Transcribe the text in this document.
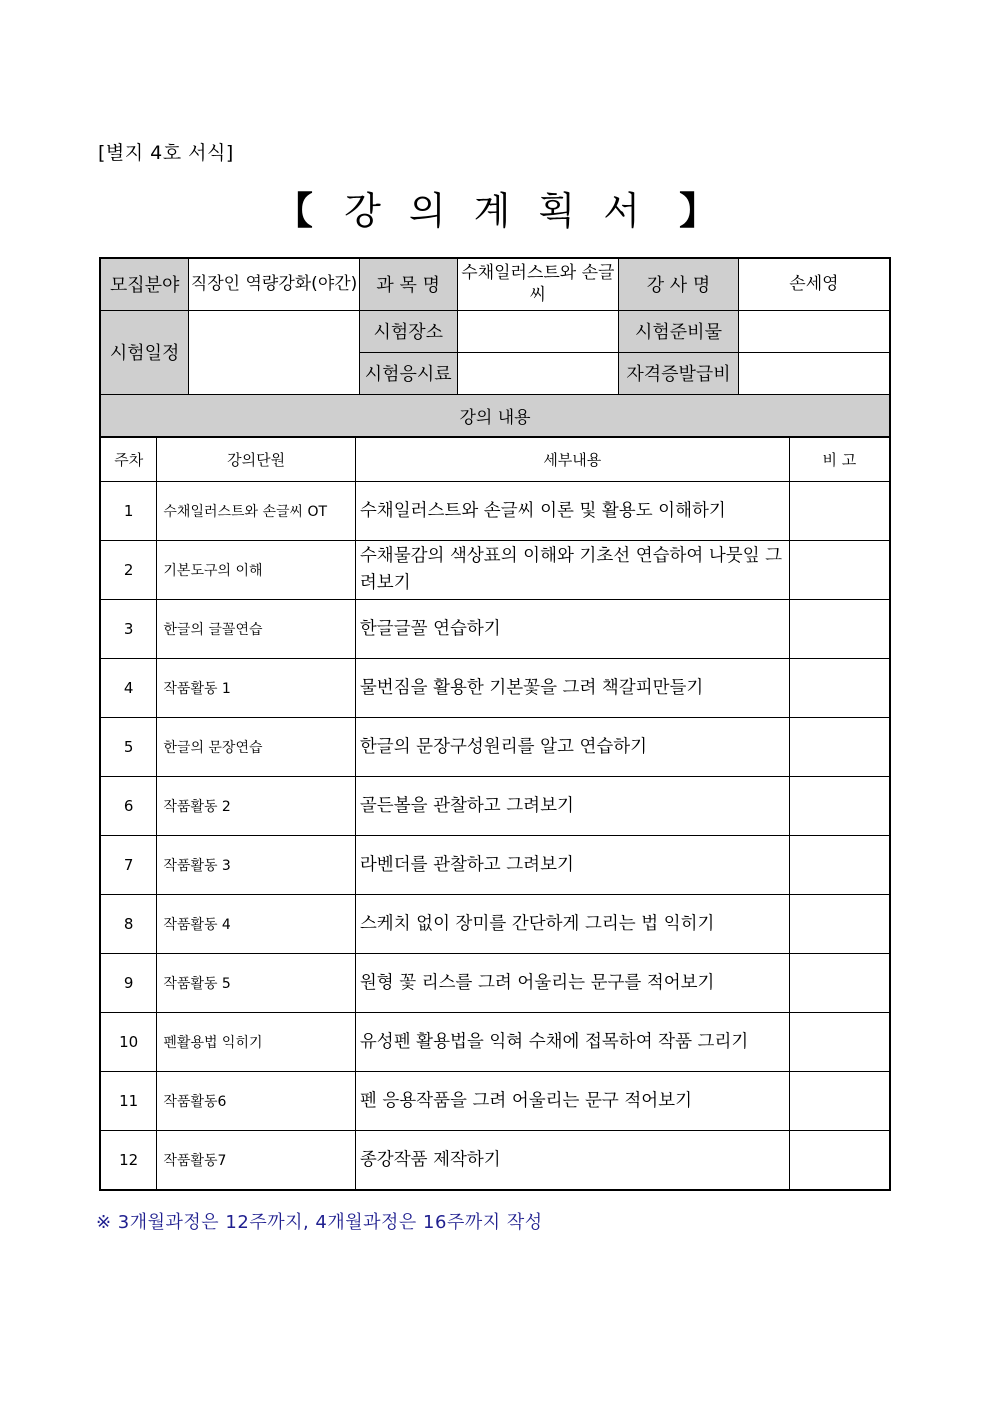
[별지 4호 서식]
【 강 의 계 획 서 】
모집분야	직장인 역량강화(야간)	과 목 명	수채일러스트와 손글씨	강 사 명	손세영
시험일정		시험장소		시험준비물	
		시험응시료		자격증발급비	
강의 내용					
주차	강의단원	세부내용	비 고
1	수채일러스트와 손글씨 OT	수채일러스트와 손글씨 이론 및 활용도 이해하기	
2	기본도구의 이해	수채물감의 색상표의 이해와 기초선 연습하여 나뭇잎 그려보기	
3	한글의 글꼴연습	한글글꼴 연습하기	
4	작품활동 1	물번짐을 활용한 기본꽃을 그려 책갈피만들기	
5	한글의 문장연습	한글의 문장구성원리를 알고 연습하기	
6	작품활동 2	골든볼을 관찰하고 그려보기	
7	작품활동 3	라벤더를 관찰하고 그려보기	
8	작품활동 4	스케치 없이 장미를 간단하게 그리는 법 익히기	
9	작품활동 5	원형 꽃 리스를 그려 어울리는 문구를 적어보기	
10	펜활용법 익히기	유성펜 활용법을 익혀 수채에 접목하여 작품 그리기	
11	작품활동6	펜 응용작품을 그려 어울리는 문구 적어보기	
12	작품활동7	종강작품 제작하기	
※ 3개월과정은 12주까지, 4개월과정은 16주까지 작성
